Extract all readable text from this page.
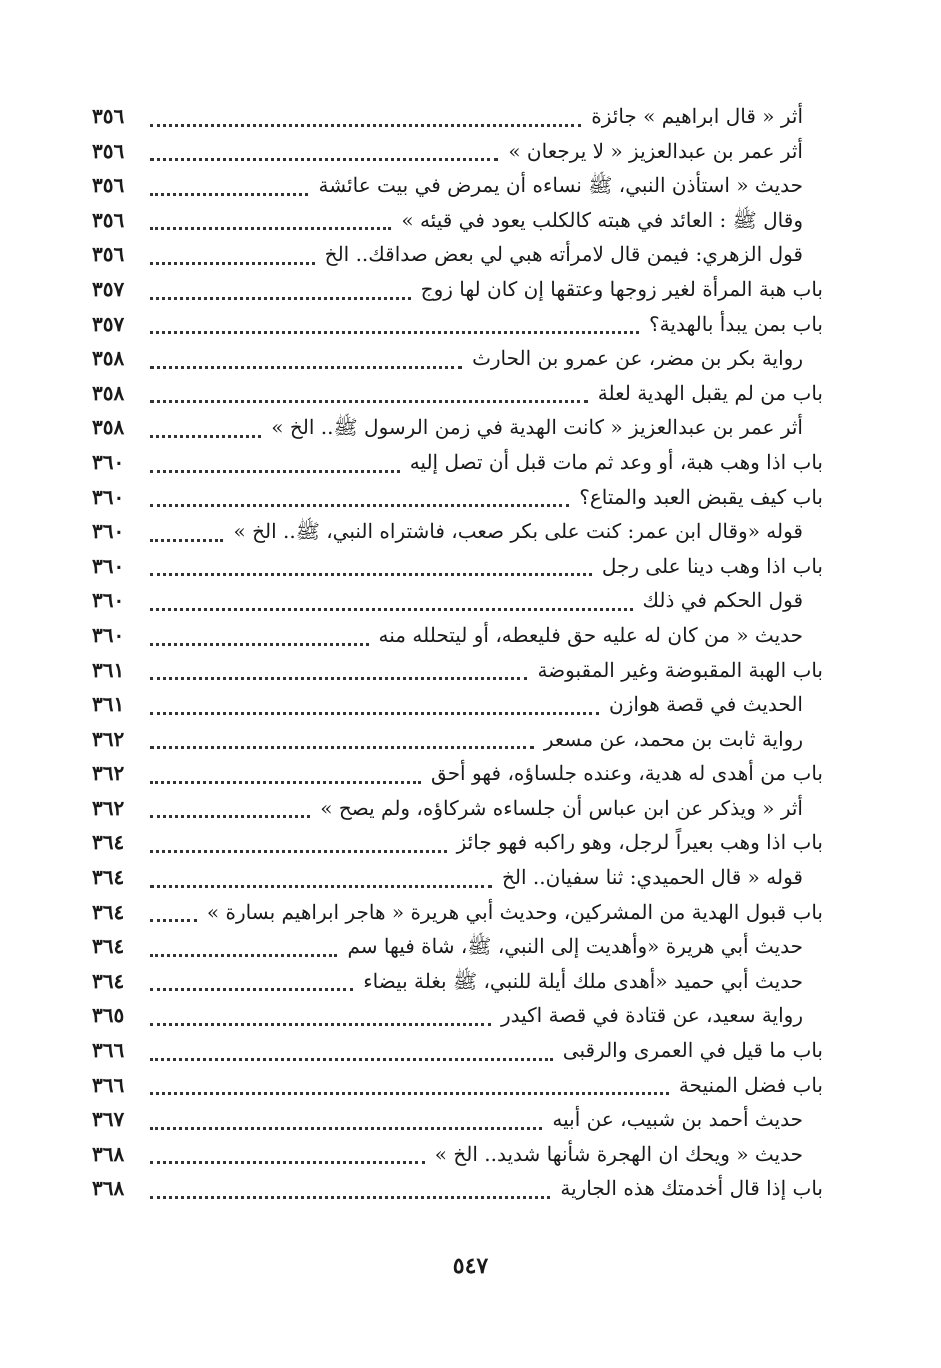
أثر « قال ابراهيم » جائزة
٣٥٦
أثر عمر بن عبدالعزيز « لا يرجعان »
٣٥٦
حديث « استأذن النبي، ﷺ نساءه أن يمرض في بيت عائشة
٣٥٦
وقال ﷺ : العائد في هبته كالكلب يعود في قيئه »
٣٥٦
قول الزهري: فيمن قال لامرأته هبي لي بعض صداقك.. الخ
٣٥٦
باب هبة المرأة لغير زوجها وعتقها إن كان لها زوج
٣٥٧
باب بمن يبدأ بالهدية؟
٣٥٧
رواية بكر بن مضر، عن عمرو بن الحارث
٣٥٨
باب من لم يقبل الهدية لعلة
٣٥٨
أثر عمر بن عبدالعزيز « كانت الهدية في زمن الرسول ﷺ.. الخ »
٣٥٨
باب اذا وهب هبة، أو وعد ثم مات قبل أن تصل إليه
٣٦٠
باب كيف يقبض العبد والمتاع؟
٣٦٠
قوله «وقال ابن عمر: كنت على بكر صعب، فاشتراه النبي، ﷺ.. الخ »
٣٦٠
باب اذا وهب دينا على رجل
٣٦٠
قول الحكم في ذلك
٣٦٠
حديث « من كان له عليه حق فليعطه، أو ليتحلله منه
٣٦٠
باب الهبة المقبوضة وغير المقبوضة
٣٦١
الحديث في قصة هوازن
٣٦١
رواية ثابت بن محمد، عن مسعر
٣٦٢
باب من أهدى له هدية، وعنده جلساؤه، فهو أحق
٣٦٢
أثر « ويذكر عن ابن عباس أن جلساءه شركاؤه، ولم يصح »
٣٦٢
باب اذا وهب بعيراً لرجل، وهو راكبه فهو جائز
٣٦٤
قوله « قال الحميدي: ثنا سفيان.. الخ
٣٦٤
باب قبول الهدية من المشركين، وحديث أبي هريرة « هاجر ابراهيم بسارة »
٣٦٤
حديث أبي هريرة «وأهديت إلى النبي، ﷺ، شاة فيها سم
٣٦٤
حديث أبي حميد «أهدى ملك أيلة للنبي، ﷺ بغلة بيضاء
٣٦٤
رواية سعيد، عن قتادة في قصة اكيدر
٣٦٥
باب ما قيل في العمرى والرقبى
٣٦٦
باب فضل المنيحة
٣٦٦
حديث أحمد بن شبيب، عن أبيه
٣٦٧
حديث « ويحك ان الهجرة شأنها شديد.. الخ »
٣٦٨
باب إذا قال أخدمتك هذه الجارية
٣٦٨
٥٤٧
